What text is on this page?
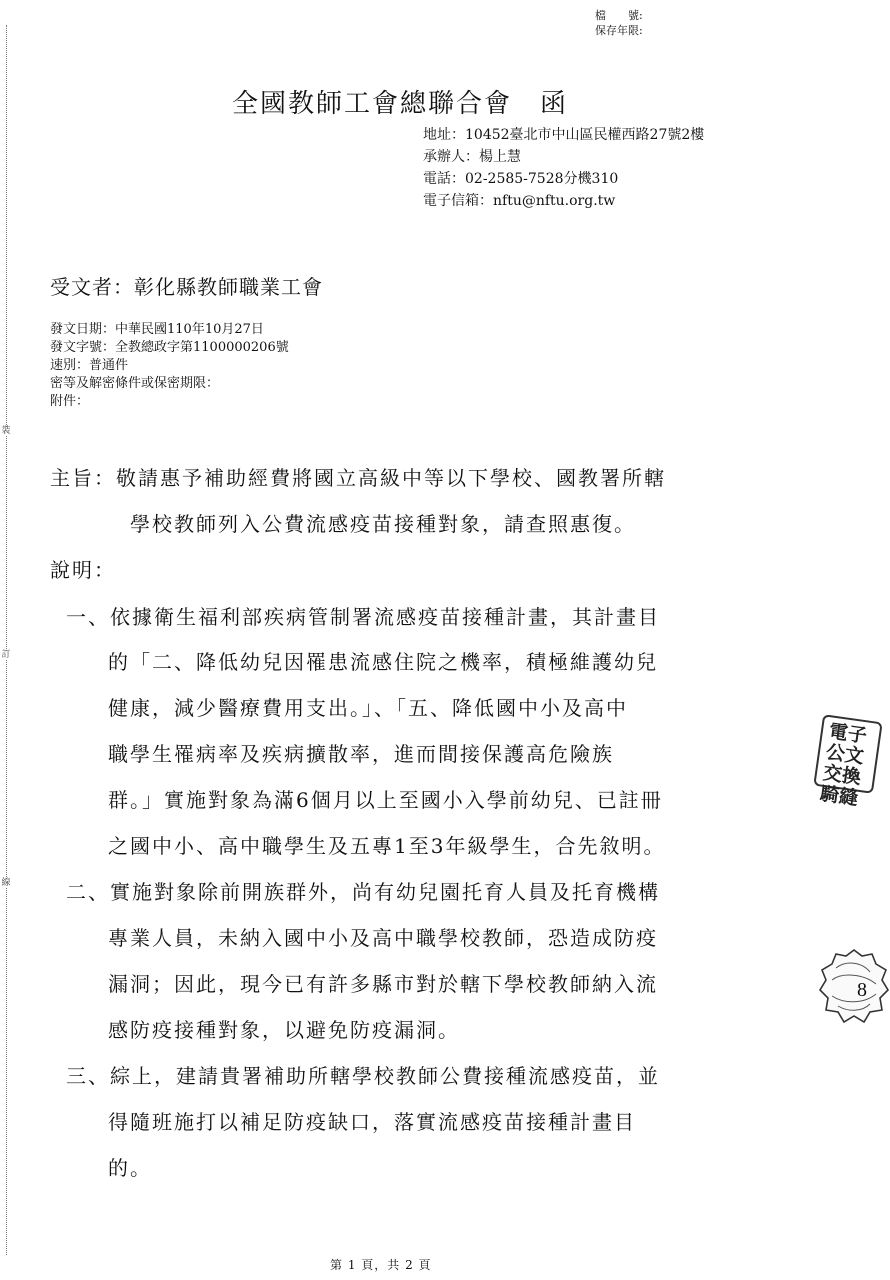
裝
訂
線
檔　　號:
保存年限:
全國教師工會總聯合會　函
地址：10452臺北市中山區民權西路27號2樓
承辦人：楊上慧
電話：02-2585-7528分機310
電子信箱：nftu@nftu.org.tw
受文者：彰化縣教師職業工會
發文日期：中華民國110年10月27日
發文字號：全教總政字第1100000206號
速別：普通件
密等及解密條件或保密期限：
附件：
主旨：敬請惠予補助經費將國立高級中等以下學校、國教署所轄
學校教師列入公費流感疫苗接種對象，請查照惠復。
說明：
一、依據衛生福利部疾病管制署流感疫苗接種計畫，其計畫目
的「二、降低幼兒因罹患流感住院之機率，積極維護幼兒
健康，減少醫療費用支出。」、「五、降低國中小及高中
職學生罹病率及疾病擴散率，進而間接保護高危險族
群。」實施對象為滿6個月以上至國小入學前幼兒、已註冊
之國中小、高中職學生及五專1至3年級學生，合先敘明。
二、實施對象除前開族群外，尚有幼兒園托育人員及托育機構
專業人員，未納入國中小及高中職學校教師，恐造成防疫
漏洞；因此，現今已有許多縣市對於轄下學校教師納入流
感防疫接種對象，以避免防疫漏洞。
三、綜上，建請貴署補助所轄學校教師公費接種流感疫苗，並
得隨班施打以補足防疫缺口，落實流感疫苗接種計畫目
的。
電子公文交換騎縫
8
第 1 頁，共 2 頁
